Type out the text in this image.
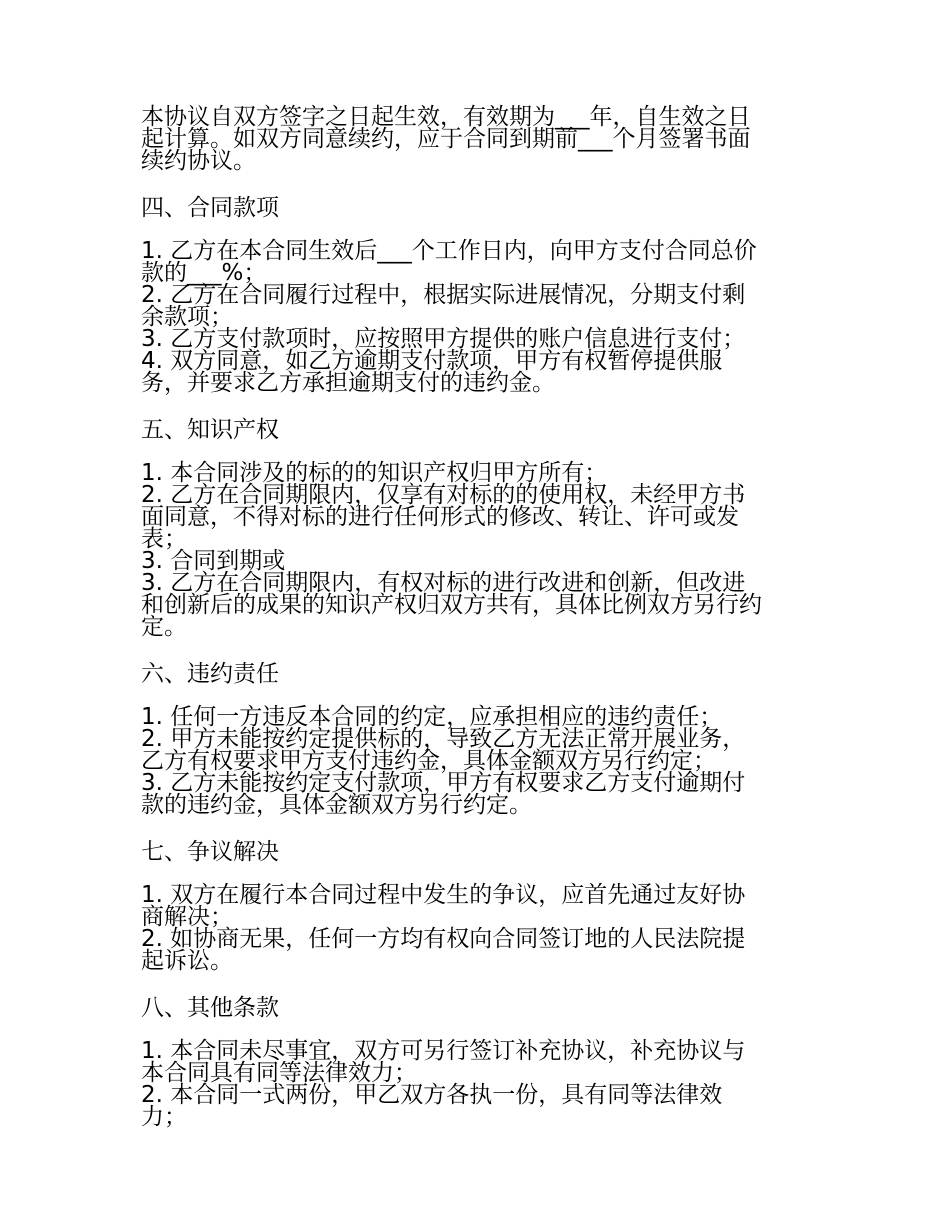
本协议自双方签字之日起生效，有效期为___年，自生效之日
起计算。如双方同意续约，应于合同到期前___个月签署书面
续约协议。

四、合同款项

1. 乙方在本合同生效后___个工作日内，向甲方支付合同总价
款的___%；
2. 乙方在合同履行过程中，根据实际进展情况，分期支付剩
余款项；
3. 乙方支付款项时，应按照甲方提供的账户信息进行支付；
4. 双方同意，如乙方逾期支付款项，甲方有权暂停提供服
务，并要求乙方承担逾期支付的违约金。

五、知识产权

1. 本合同涉及的标的的知识产权归甲方所有；
2. 乙方在合同期限内，仅享有对标的的使用权，未经甲方书
面同意，不得对标的进行任何形式的修改、转让、许可或发
表；
3. 合同到期或
3. 乙方在合同期限内，有权对标的进行改进和创新，但改进
和创新后的成果的知识产权归双方共有，具体比例双方另行约
定。

六、违约责任

1. 任何一方违反本合同的约定，应承担相应的违约责任；
2. 甲方未能按约定提供标的，导致乙方无法正常开展业务，
乙方有权要求甲方支付违约金，具体金额双方另行约定；
3. 乙方未能按约定支付款项，甲方有权要求乙方支付逾期付
款的违约金，具体金额双方另行约定。

七、争议解决

1. 双方在履行本合同过程中发生的争议，应首先通过友好协
商解决；
2. 如协商无果，任何一方均有权向合同签订地的人民法院提
起诉讼。

八、其他条款

1. 本合同未尽事宜，双方可另行签订补充协议，补充协议与
本合同具有同等法律效力；
2. 本合同一式两份，甲乙双方各执一份，具有同等法律效
力；
